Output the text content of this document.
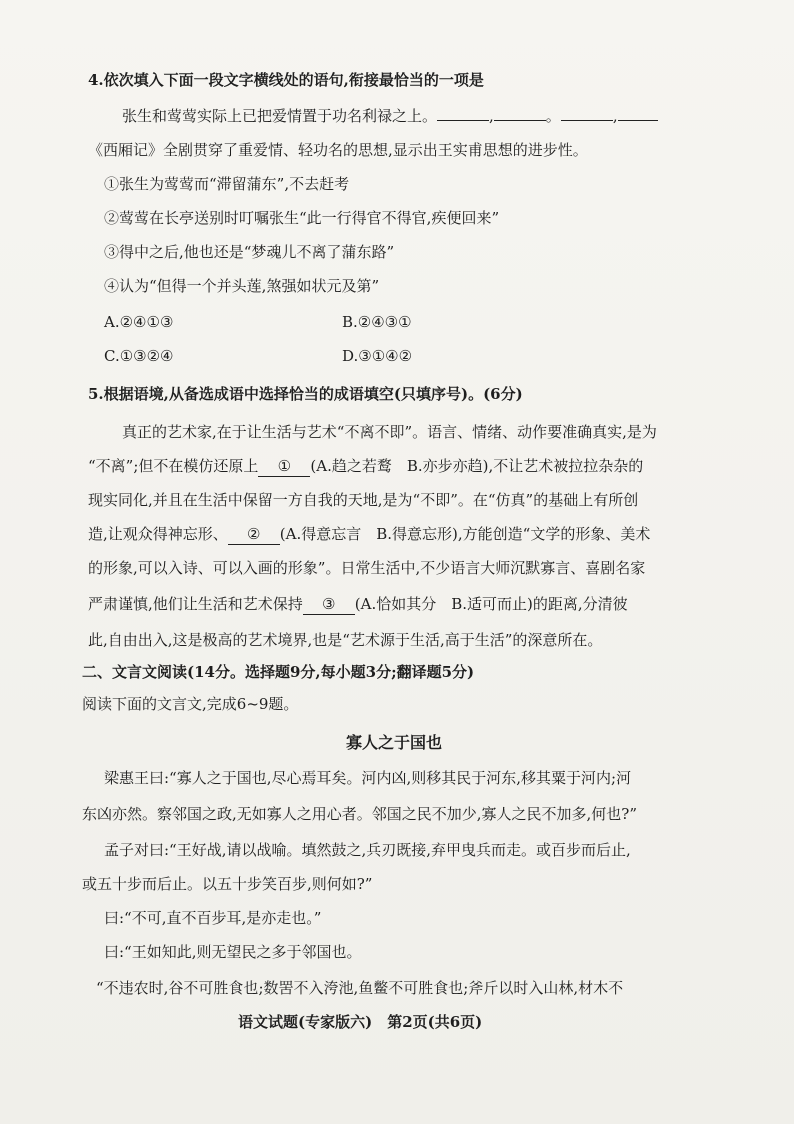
4.依次填入下面一段文字横线处的语句,衔接最恰当的一项是
张生和莺莺实际上已把爱情置于功名利禄之上。	,	。	,
《西厢记》全剧贯穿了重爱情、轻功名的思想,显示出王实甫思想的进步性。
①张生为莺莺而“滞留蒲东”,不去赶考
②莺莺在长亭送别时叮嘱张生“此一行得官不得官,疾便回来”
③得中之后,他也还是“梦魂儿不离了蒲东路”
④认为“但得一个并头莲,煞强如状元及第”
A.②④①③	B.②④③①
C.①③②④	D.③①④②
5.根据语境,从备选成语中选择恰当的成语填空(只填序号)。(6分)
真正的艺术家,在于让生活与艺术“不离不即”。语言、情绪、动作要准确真实,是为
“不离”;但不在模仿还原上 ① (A.趋之若鹜　B.亦步亦趋),不让艺术被拉拉杂杂的
现实同化,并且在生活中保留一方自我的天地,是为“不即”。在“仿真”的基础上有所创
造,让观众得神忘形、 ② (A.得意忘言　B.得意忘形),方能创造“文学的形象、美术
的形象,可以入诗、可以入画的形象”。日常生活中,不少语言大师沉默寡言、喜剧名家
严肃谨慎,他们让生活和艺术保持 ③ (A.恰如其分　B.适可而止)的距离,分清彼
此,自由出入,这是极高的艺术境界,也是“艺术源于生活,高于生活”的深意所在。
二、文言文阅读(14分。选择题9分,每小题3分;翻译题5分)
阅读下面的文言文,完成6~9题。
寡人之于国也
梁惠王曰:“寡人之于国也,尽心焉耳矣。河内凶,则移其民于河东,移其粟于河内;河
东凶亦然。察邻国之政,无如寡人之用心者。邻国之民不加少,寡人之民不加多,何也?”
孟子对曰:“王好战,请以战喻。填然鼓之,兵刃既接,弃甲曳兵而走。或百步而后止,
或五十步而后止。以五十步笑百步,则何如?”
曰:“不可,直不百步耳,是亦走也。”
曰:“王如知此,则无望民之多于邻国也。
“不违农时,谷不可胜食也;数罟不入洿池,鱼鳖不可胜食也;斧斤以时入山林,材木不
语文试题(专家版六)　第2页(共6页)
